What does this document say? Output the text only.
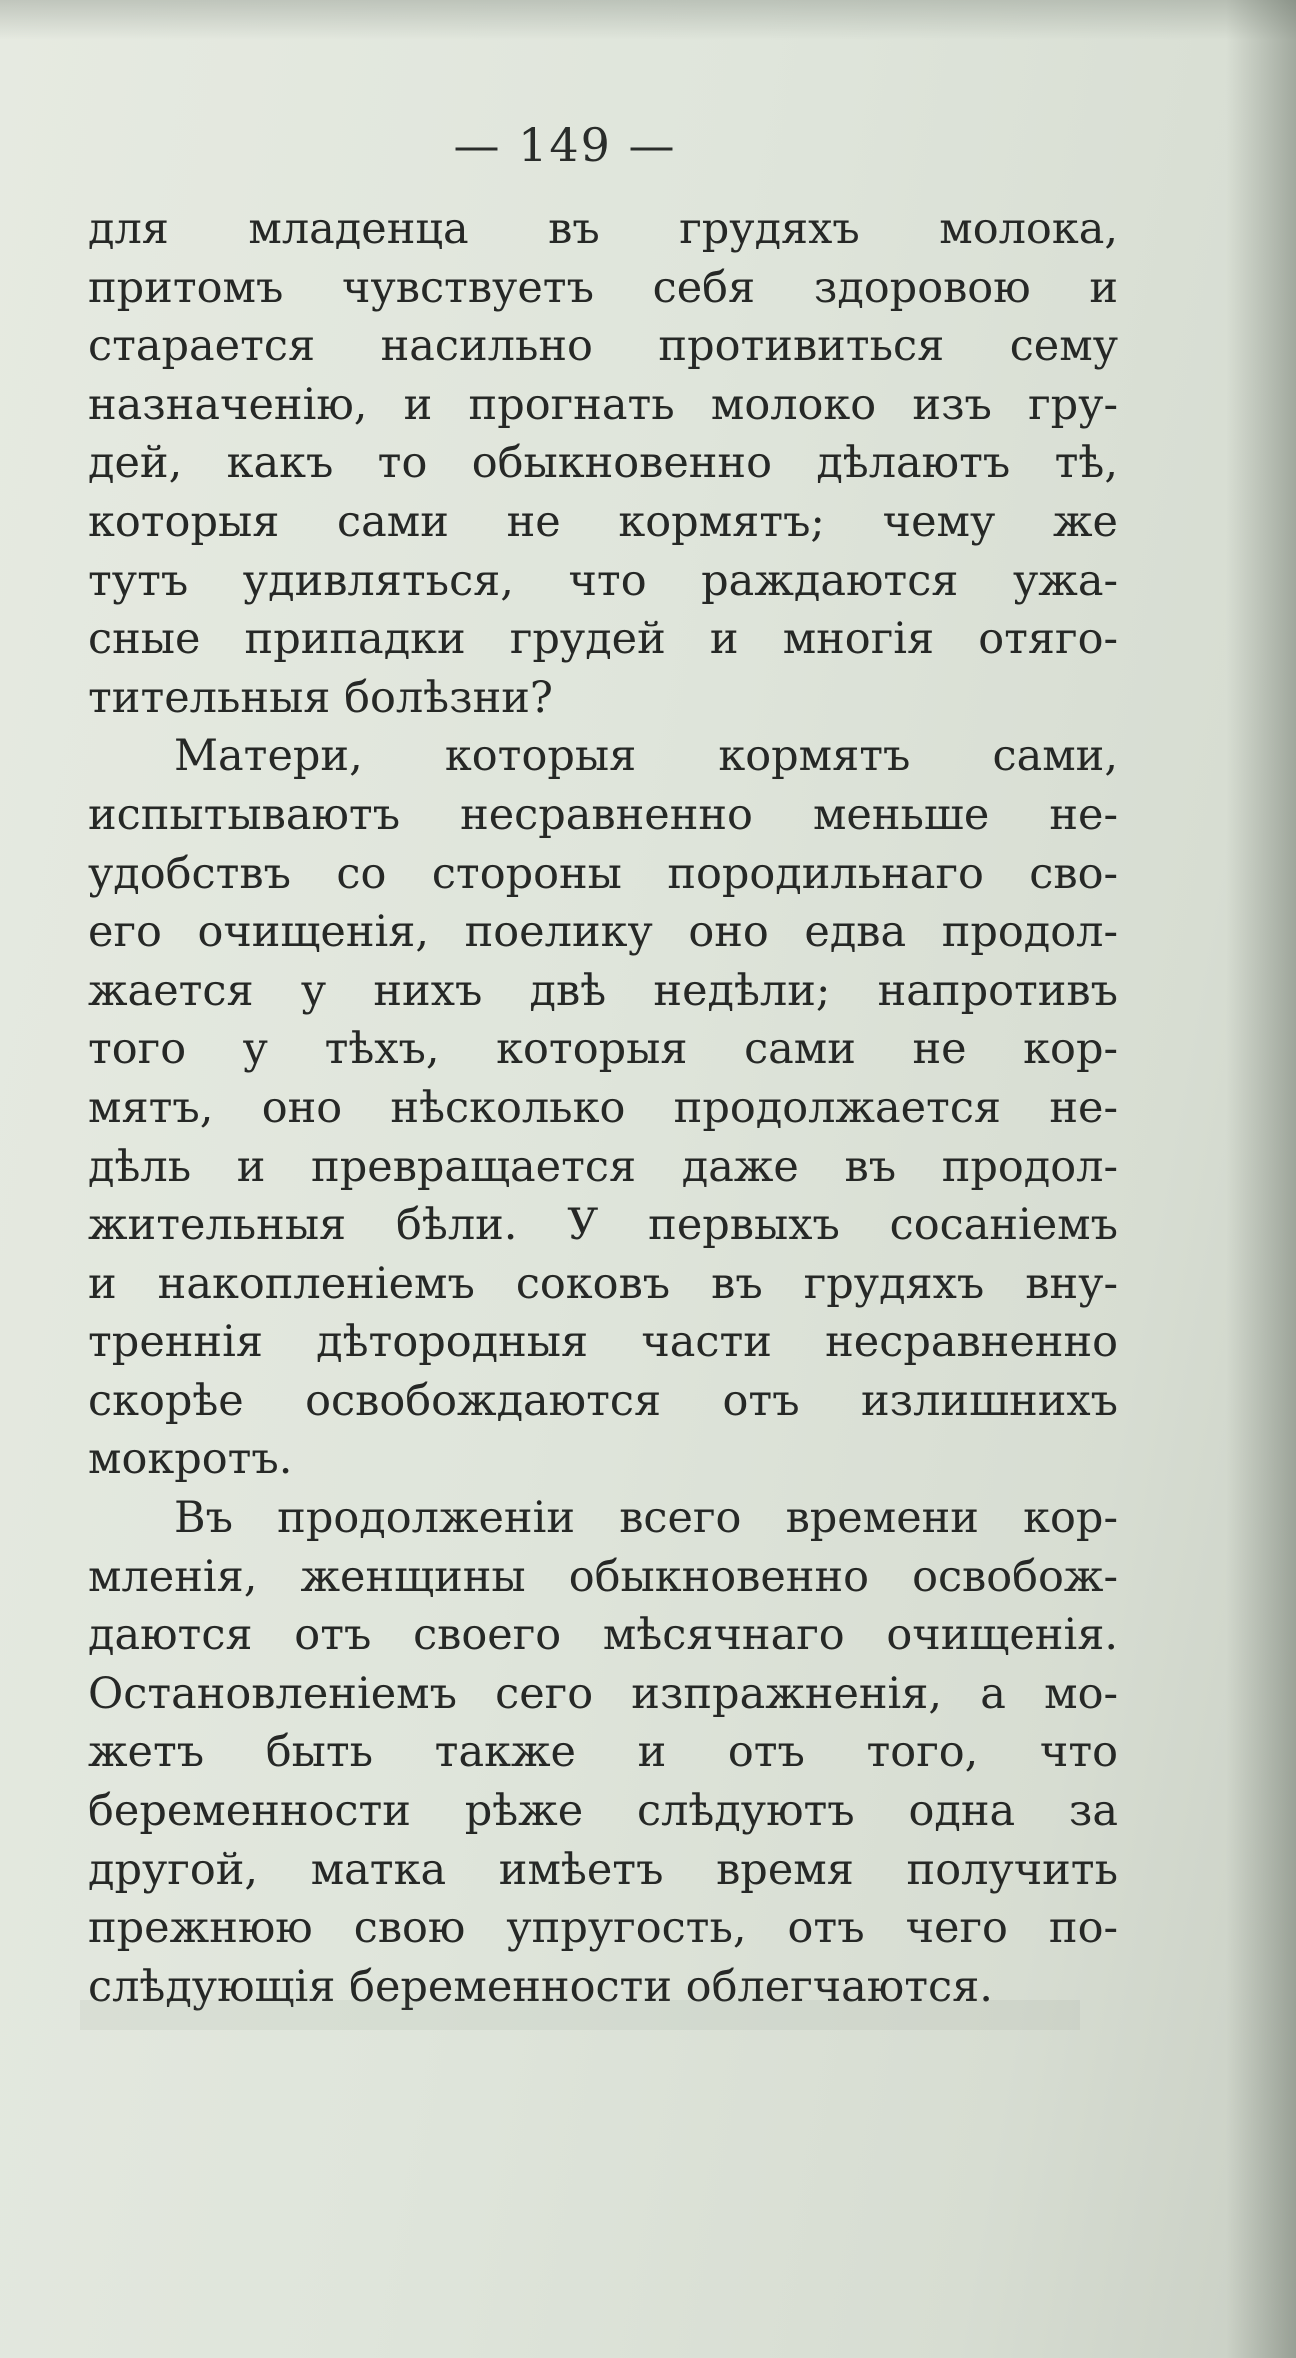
— 149 —
для младенца въ грудяхъ молока,
притомъ чувствуетъ себя здоровою и
старается насильно противиться сему
назначенію, и прогнать молоко изъ гру-
дей, какъ то обыкновенно дѣлаютъ тѣ,
которыя сами не кормятъ; чему же
тутъ удивляться, что раждаются ужа-
сные припадки грудей и многія отяго-
тительныя болѣзни?
Матери, которыя кормятъ сами,
испытываютъ несравненно меньше не-
удобствъ со стороны породильнаго сво-
его очищенія, поелику оно едва продол-
жается у нихъ двѣ недѣли; напротивъ
того у тѣхъ, которыя сами не кор-
мятъ, оно нѣсколько продолжается не-
дѣль и превращается даже въ продол-
жительныя бѣли. У первыхъ сосаніемъ
и накопленіемъ соковъ въ грудяхъ вну-
треннія дѣтородныя части несравненно
скорѣе освобождаются отъ излишнихъ
мокротъ.
Въ продолженіи всего времени кор-
мленія, женщины обыкновенно освобож-
даются отъ своего мѣсячнаго очищенія.
Остановленіемъ сего изпражненія, а мо-
жетъ быть также и отъ того, что
беременности рѣже слѣдуютъ одна за
другой, матка имѣетъ время получить
прежнюю свою упругость, отъ чего по-
слѣдующія беременности облегчаются.
